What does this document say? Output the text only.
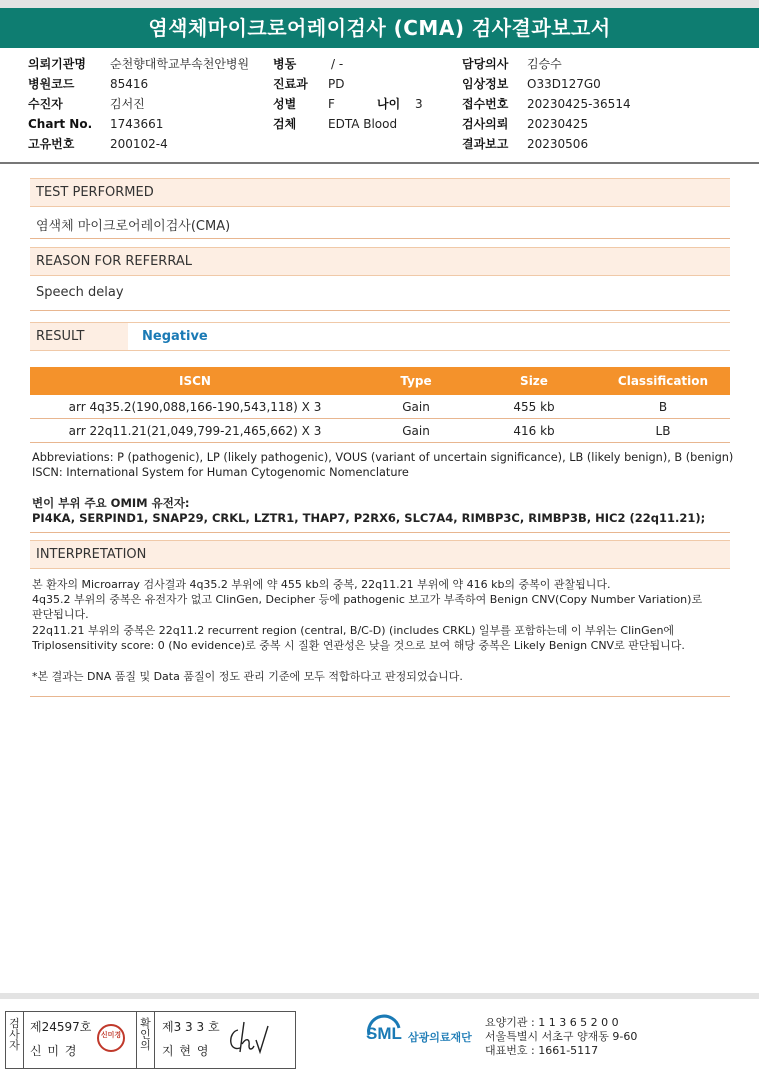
염색체마이크로어레이검사 (CMA) 검사결과보고서
의뢰기관명 순천향대학교부속천안병원
병원코드	85416
수진자	김서진
Chart No. 1743661
고유번호	200102-4
병동	/ -
진료과 PD
성별	F	나이 3
검체	EDTA Blood
담당의사 김승수
임상정보 O33D127G0
접수번호 20230425-36514
검사의뢰 20230425
결과보고 20230506
TEST PERFORMED
염색체 마이크로어레이검사(CMA)
REASON FOR REFERRAL
Speech delay
RESULT	Negative
ISCN	Type	Size	Classification
arr 4q35.2(190,088,166-190,543,118) X 3	Gain	455 kb	B
arr 22q11.21(21,049,799-21,465,662) X 3	Gain	416 kb	LB
Abbreviations: P (pathogenic), LP (likely pathogenic), VOUS (variant of uncertain significance), LB (likely benign), B (benign)
ISCN: International System for Human Cytogenomic Nomenclature
변이 부위 주요 OMIM 유전자:
PI4KA, SERPIND1, SNAP29, CRKL, LZTR1, THAP7, P2RX6, SLC7A4, RIMBP3C, RIMBP3B, HIC2 (22q11.21);
INTERPRETATION
본 환자의 Microarray 검사결과 4q35.2 부위에 약 455 kb의 중복, 22q11.21 부위에 약 416 kb의 중복이 관찰됩니다.
4q35.2 부위의 중복은 유전자가 없고 ClinGen, Decipher 등에 pathogenic 보고가 부족하여 Benign CNV(Copy Number Variation)로
판단됩니다.
22q11.21 부위의 중복은 22q11.2 recurrent region (central, B/C-D) (includes CRKL) 일부를 포함하는데 이 부위는 ClinGen에
Triplosensitivity score: 0 (No evidence)로 중복 시 질환 연관성은 낮을 것으로 보여 해당 중복은 Likely Benign CNV로 판단됩니다.
*본 결과는 DNA 품질 및 Data 품질이 정도 관리 기준에 모두 적합하다고 판정되었습니다.
검사자
제24597호
신 미 경
신미경
확인의
제3 3 3 호
지 현 영
SML 삼광의료재단
요양기관 : 1 1 3 6 5 2 0 0
서울특별시 서초구 양재동 9-60
대표번호 : 1661-5117
